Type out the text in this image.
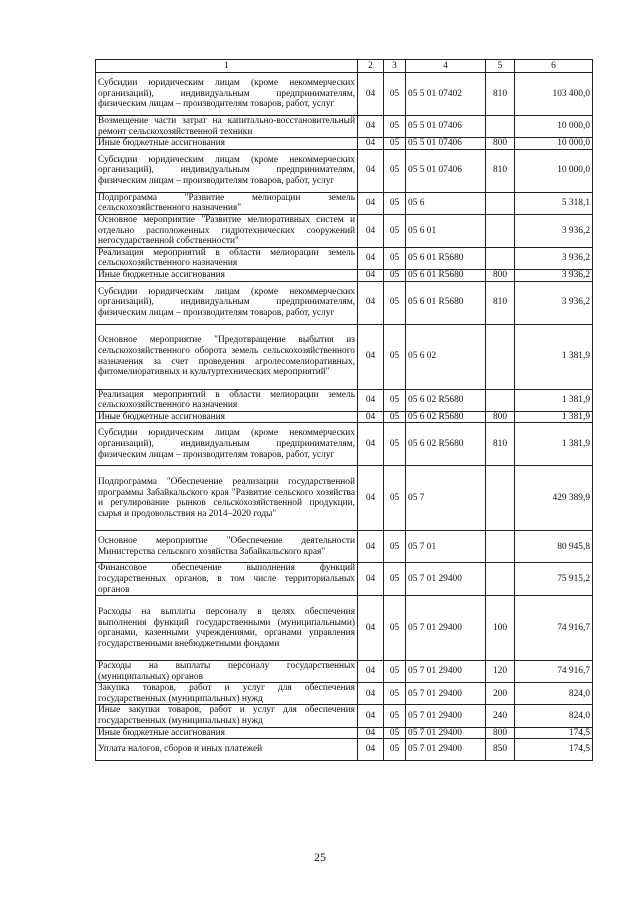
1	2	3	4	5	6
Субсидии юридическим лицам (кроме некоммерческих организаций), индивидуальным предпринимателям, физическим лицам – производителям товаров, работ, услуг	04	05	05 5 01 07402	810	103 400,0
Возмещение части затрат на капитально-восстановительный ремонт сельскохозяйственной техники	04	05	05 5 01 07406		10 000,0
Иные бюджетные ассигнования	04	05	05 5 01 07406	800	10 000,0
Субсидии юридическим лицам (кроме некоммерческих организаций), индивидуальным предпринимателям, физическим лицам – производителям товаров, работ, услуг	04	05	05 5 01 07406	810	10 000,0
Подпрограмма "Развитие мелиорации земель сельскохозяйственного назначения"	04	05	05 6		5 318,1
Основное мероприятие "Развитие мелиоративных систем и отдельно расположенных гидротехнических сооружений негосударственной собственности"	04	05	05 6 01		3 936,2
Реализация мероприятий в области мелиорации земель сельскохозяйственного назначения	04	05	05 6 01 R5680		3 936,2
Иные бюджетные ассигнования	04	05	05 6 01 R5680	800	3 936,2
Субсидии юридическим лицам (кроме некоммерческих организаций), индивидуальным предпринимателям, физическим лицам – производителям товаров, работ, услуг	04	05	05 6 01 R5680	810	3 936,2
Основное мероприятие "Предотвращение выбытия из сельскохозяйственного оборота земель сельскохозяйственного назначения за счет проведения агролесомелиоративных, фитомелиоративных и культуртехнических мероприятий"	04	05	05 6 02		1 381,9
Реализация мероприятий в области мелиорации земель сельскохозяйственного назначения	04	05	05 6 02 R5680		1 381,9
Иные бюджетные ассигнования	04	05	05 6 02 R5680	800	1 381,9
Субсидии юридическим лицам (кроме некоммерческих организаций), индивидуальным предпринимателям, физическим лицам – производителям товаров, работ, услуг	04	05	05 6 02 R5680	810	1 381,9
Подпрограмма "Обеспечение реализации государственной программы Забайкальского края "Развитие сельского хозяйства и регулирование рынков сельскохозяйственной продукции, сырья и продовольствия на 2014–2020 годы"	04	05	05 7		429 389,9
Основное мероприятие "Обеспечение деятельности Министерства сельского хозяйства Забайкальского края"	04	05	05 7 01		80 945,8
Финансовое обеспечение выполнения функций государственных органов, в том числе территориальных органов	04	05	05 7 01 29400		75 915,2
Расходы на выплаты персоналу в целях обеспечения выполнения функций государственными (муниципальными) органами, казенными учреждениями, органами управления государственными внебюджетными фондами	04	05	05 7 01 29400	100	74 916,7
Расходы на выплаты персоналу государственных (муниципальных) органов	04	05	05 7 01 29400	120	74 916,7
Закупка товаров, работ и услуг для обеспечения государственных (муниципальных) нужд	04	05	05 7 01 29400	200	824,0
Иные закупки товаров, работ и услуг для обеспечения государственных (муниципальных) нужд	04	05	05 7 01 29400	240	824,0
Иные бюджетные ассигнования	04	05	05 7 01 29400	800	174,5
Уплата налогов, сборов и иных платежей	04	05	05 7 01 29400	850	174,5
25
